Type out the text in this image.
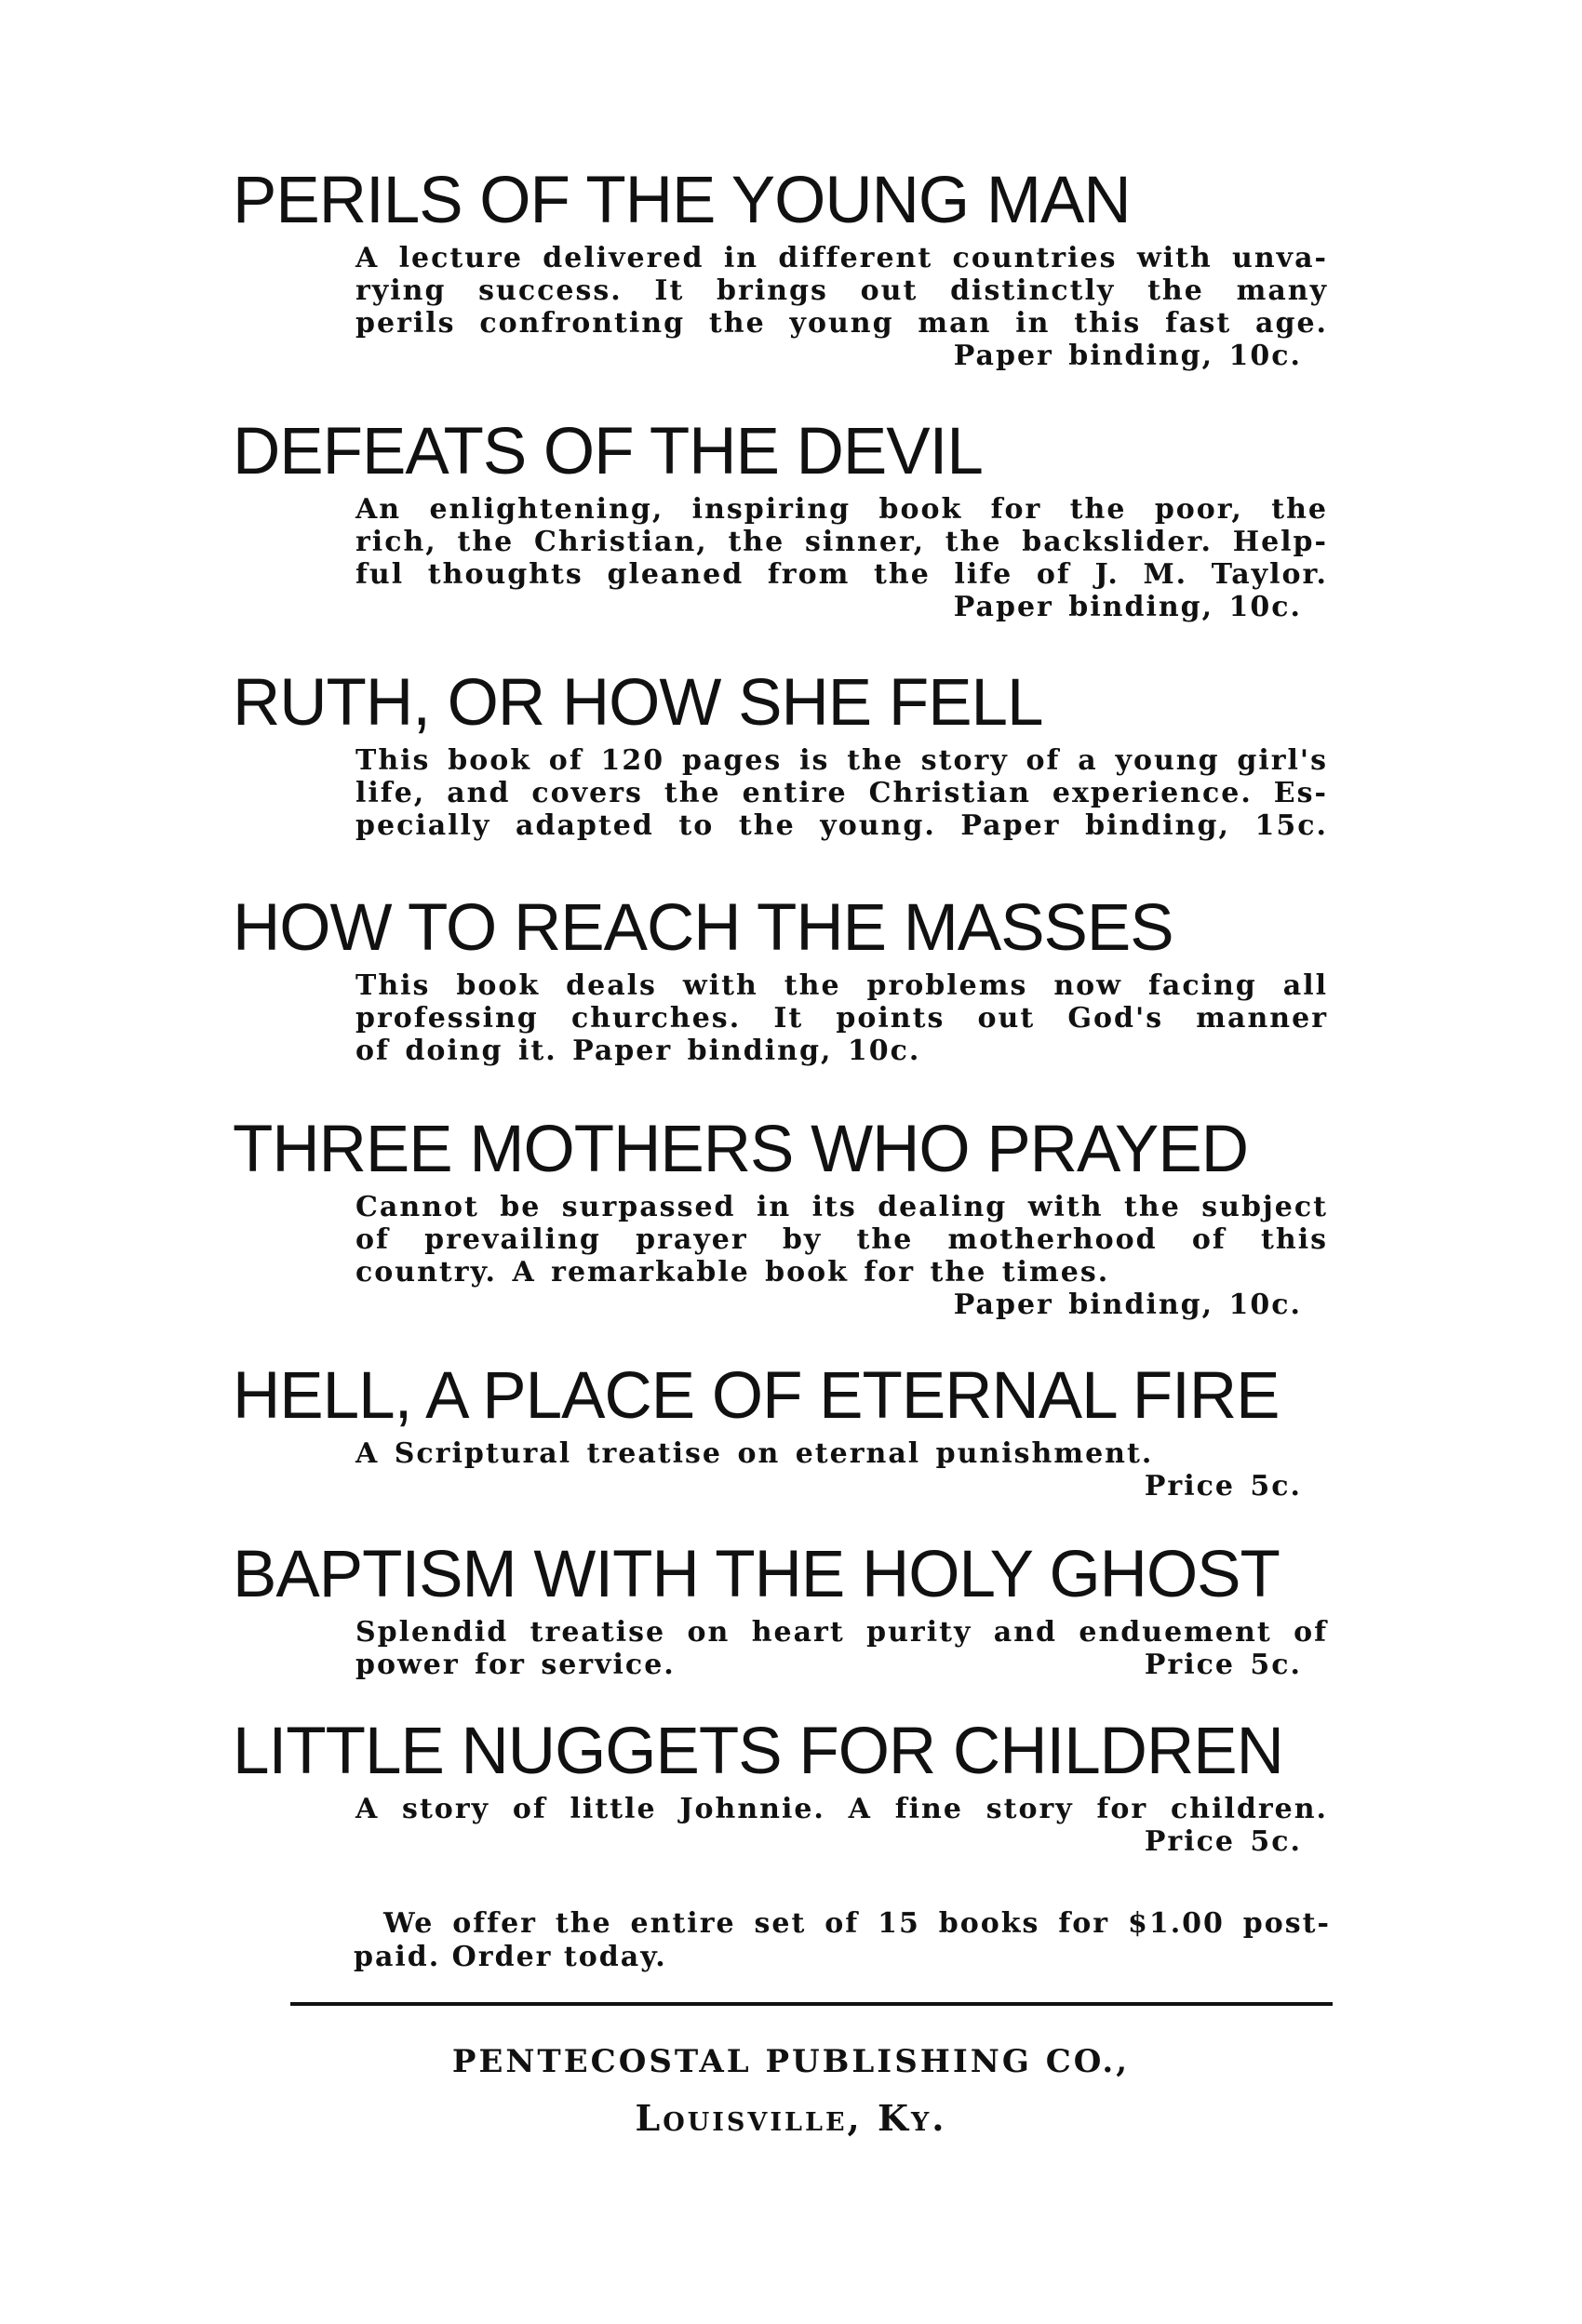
PERILS OF THE YOUNG MAN
A lecture delivered in different countries with unva-
rying success. It brings out distinctly the many
perils confronting the young man in this fast age.
Paper binding, 10c.
DEFEATS OF THE DEVIL
An enlightening, inspiring book for the poor, the
rich, the Christian, the sinner, the backslider. Help-
ful thoughts gleaned from the life of J. M. Taylor.
Paper binding, 10c.
RUTH, OR HOW SHE FELL
This book of 120 pages is the story of a young girl's
life, and covers the entire Christian experience. Es-
pecially adapted to the young. Paper binding, 15c.
HOW TO REACH THE MASSES
This book deals with the problems now facing all
professing churches. It points out God's manner
of doing it. Paper binding, 10c.
THREE MOTHERS WHO PRAYED
Cannot be surpassed in its dealing with the subject
of prevailing prayer by the motherhood of this
country. A remarkable book for the times.
Paper binding, 10c.
HELL, A PLACE OF ETERNAL FIRE
A Scriptural treatise on eternal punishment.
Price 5c.
BAPTISM WITH THE HOLY GHOST
Splendid treatise on heart purity and enduement of
power for service.	Price 5c.
LITTLE NUGGETS FOR CHILDREN
A story of little Johnnie. A fine story for children.
Price 5c.
We offer the entire set of 15 books for $1.00 post-
paid. Order today.
PENTECOSTAL PUBLISHING CO.,
Louisville, Ky.
